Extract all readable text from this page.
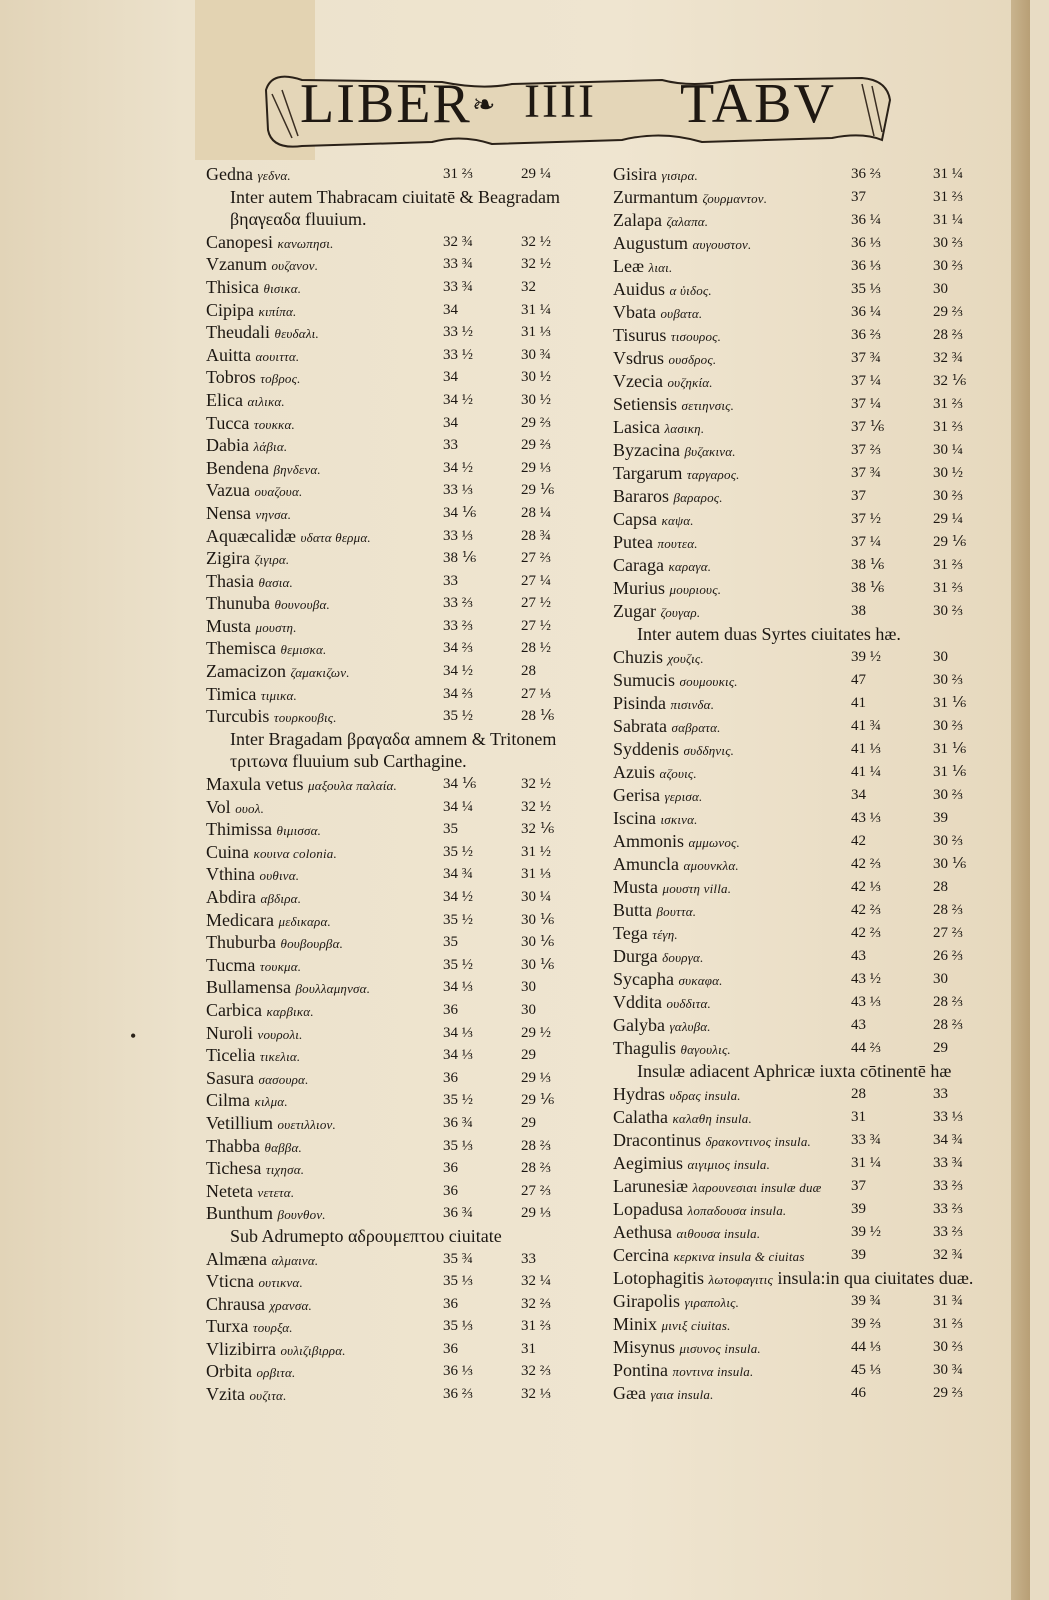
LIBER ❧ IIII TABV
Gedna γεδνα.	31 ⅔	29 ¼
Inter autem Thabracam ciuitatē & Beagradam βηαγεαδα fluuium.
Canopesi κανωπησι.	32 ¾	32 ½
Vzanum ουζανον.	33 ¾	32 ½
Thisica θισικα.	33 ¾	32
Cipipa κιπίπα.	34	31 ¼
Theudali θευδαλι.	33 ½	31 ⅓
Auitta αουιττα.	33 ½	30 ¾
Tobros τοβρος.	34	30 ½
Elica αιλικα.	34 ½	30 ½
Tucca τουκκα.	34	29 ⅔
Dabia λάβια.	33	29 ⅔
Bendena βηνδενα.	34 ½	29 ⅓
Vazua ουαζουα.	33 ⅓	29 ⅙
Nensa νηνσα.	34 ⅙	28 ¼
Aquæcalidæ υδατα θερμα.	33 ⅓	28 ¾
Zigira ζιγιρα.	38 ⅙	27 ⅔
Thasia θασια.	33	27 ¼
Thunuba θουνουβα.	33 ⅔	27 ½
Musta μουστη.	33 ⅔	27 ½
Themisca θεμισκα.	34 ⅔	28 ½
Zamacizon ζαμακιζων.	34 ½	28
Timica τιμικα.	34 ⅔	27 ⅓
Turcubis τουρκουβις.	35 ½	28 ⅙
Inter Bragadam βραγαδα amnem & Tritonem τριτωνα fluuium sub Carthagine.
Maxula vetus μαξουλα παλαία.	34 ⅙	32 ½
Vol ουολ.	34 ¼	32 ½
Thimissa θιμισσα.	35	32 ⅙
Cuina κουινα colonia.	35 ½	31 ½
Vthina ουθινα.	34 ¾	31 ⅓
Abdira αβδιρα.	34 ½	30 ¼
Medicara μεδικαρα.	35 ½	30 ⅙
Thuburba θουβουρβα.	35	30 ⅙
Tucma τουκμα.	35 ½	30 ⅙
Bullamensa βουλλαμηνσα.	34 ⅓	30
Carbica καρβικα.	36	30
Nuroli νουρολι.	34 ⅓	29 ½
Ticelia τικελια.	34 ⅓	29
Sasura σασουρα.	36	29 ⅓
Cilma κιλμα.	35 ½	29 ⅙
Vetillium ουετιλλιον.	36 ¾	29
Thabba θαββα.	35 ⅓	28 ⅔
Tichesa τιχησα.	36	28 ⅔
Neteta νετετα.	36	27 ⅔
Bunthum βουνθον.	36 ¾	29 ⅓
Sub Adrumepto αδρουμεπτου ciuitate
Almæna αλμαινα.	35 ¾	33
Vticna ουτικνα.	35 ⅓	32 ¼
Chrausa χρανσα.	36	32 ⅔
Turxa τουρξα.	35 ⅓	31 ⅔
Vlizibirra ουλιζιβιρρα.	36	31
Orbita ορβιτα.	36 ⅓	32 ⅔
Vzita ουζιτα.	36 ⅔	32 ⅓
Gisira γισιρα.	36 ⅔	31 ¼
Zurmantum ζουρμαντον.	37	31 ⅔
Zalapa ζαλαπα.	36 ¼	31 ¼
Augustum αυγουστον.	36 ⅓	30 ⅔
Leæ λιαι.	36 ⅓	30 ⅔
Auidus α ὐιδος.	35 ⅓	30
Vbata ουβατα.	36 ¼	29 ⅔
Tisurus τισουρος.	36 ⅔	28 ⅔
Vsdrus ουσδρος.	37 ¾	32 ¾
Vzecia ουζηκία.	37 ¼	32 ⅙
Setiensis σετιηνσις.	37 ¼	31 ⅔
Lasica λασικη.	37 ⅙	31 ⅔
Byzacina βυζακινα.	37 ⅔	30 ¼
Targarum ταργαρος.	37 ¾	30 ½
Bararos βαραρος.	37	30 ⅔
Capsa καψα.	37 ½	29 ¼
Putea πουτεα.	37 ¼	29 ⅙
Caraga καραγα.	38 ⅙	31 ⅔
Murius μουριους.	38 ⅙	31 ⅔
Zugar ζουγαρ.	38	30 ⅔
Inter autem duas Syrtes ciuitates hæ.
Chuzis χουζις.	39 ½	30
Sumucis σουμουκις.	47	30 ⅔
Pisinda πισινδα.	41	31 ⅙
Sabrata σαβρατα.	41 ¾	30 ⅔
Syddenis συδδηνις.	41 ⅓	31 ⅙
Azuis αζουις.	41 ¼	31 ⅙
Gerisa γερισα.	34	30 ⅔
Iscina ισκινα.	43 ⅓	39
Ammonis αμμωνος.	42	30 ⅔
Amuncla αμουνκλα.	42 ⅔	30 ⅙
Musta μουστη villa.	42 ⅓	28
Butta βουττα.	42 ⅔	28 ⅔
Tega τέγη.	42 ⅔	27 ⅔
Durga δουργα.	43	26 ⅔
Sycapha συκαφα.	43 ½	30
Vddita ουδδιτα.	43 ⅓	28 ⅔
Galyba γαλυβα.	43	28 ⅔
Thagulis θαγουλις.	44 ⅔	29
Insulæ adiacent Aphricæ iuxta cōtinentē hæ
Hydras υδρας insula.	28	33
Calatha καλαθη insula.	31	33 ⅓
Dracontinus δρακοντινος insula.	33 ¾	34 ¾
Aegimius αιγιμιος insula.	31 ¼	33 ¾
Larunesiæ λαρουνεσιαι insulæ duæ 37	33 ⅔
Lopadusa λοπαδουσα insula.	39	33 ⅔
Aethusa αιθουσα insula.	39 ½	33 ⅔
Cercina κερκινα insula & ciuitas	39	32 ¾
Lotophagitis λωτοφαγιτις insula:in qua ciuitates duæ.
Girapolis γιραπολις.	39 ¾	31 ¾
Minix μινιξ ciuitas.	39 ⅔	31 ⅔
Misynus μισυνος insula.	44 ⅓	30 ⅔
Pontina ποντινα insula.	45 ⅓	30 ¾
Gæa γαια insula.	46	29 ⅔
•
